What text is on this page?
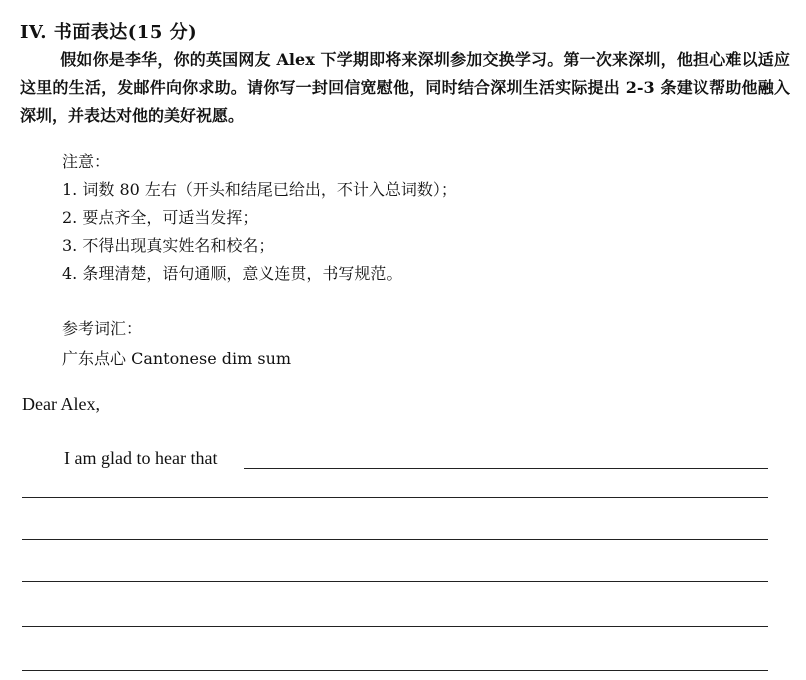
IV. 书面表达(15 分)
假如你是李华，你的英国网友 Alex 下学期即将来深圳参加交换学习。第一次来深圳，他担心难以适应这里的生活，发邮件向你求助。请你写一封回信宽慰他，同时结合深圳生活实际提出 2-3 条建议帮助他融入深圳，并表达对他的美好祝愿。
注意：
1. 词数 80 左右（开头和结尾已给出，不计入总词数）；
2. 要点齐全，可适当发挥；
3. 不得出现真实姓名和校名；
4. 条理清楚，语句通顺，意义连贯，书写规范。
参考词汇：
广东点心 Cantonese dim sum
Dear Alex,
I am glad to hear that
